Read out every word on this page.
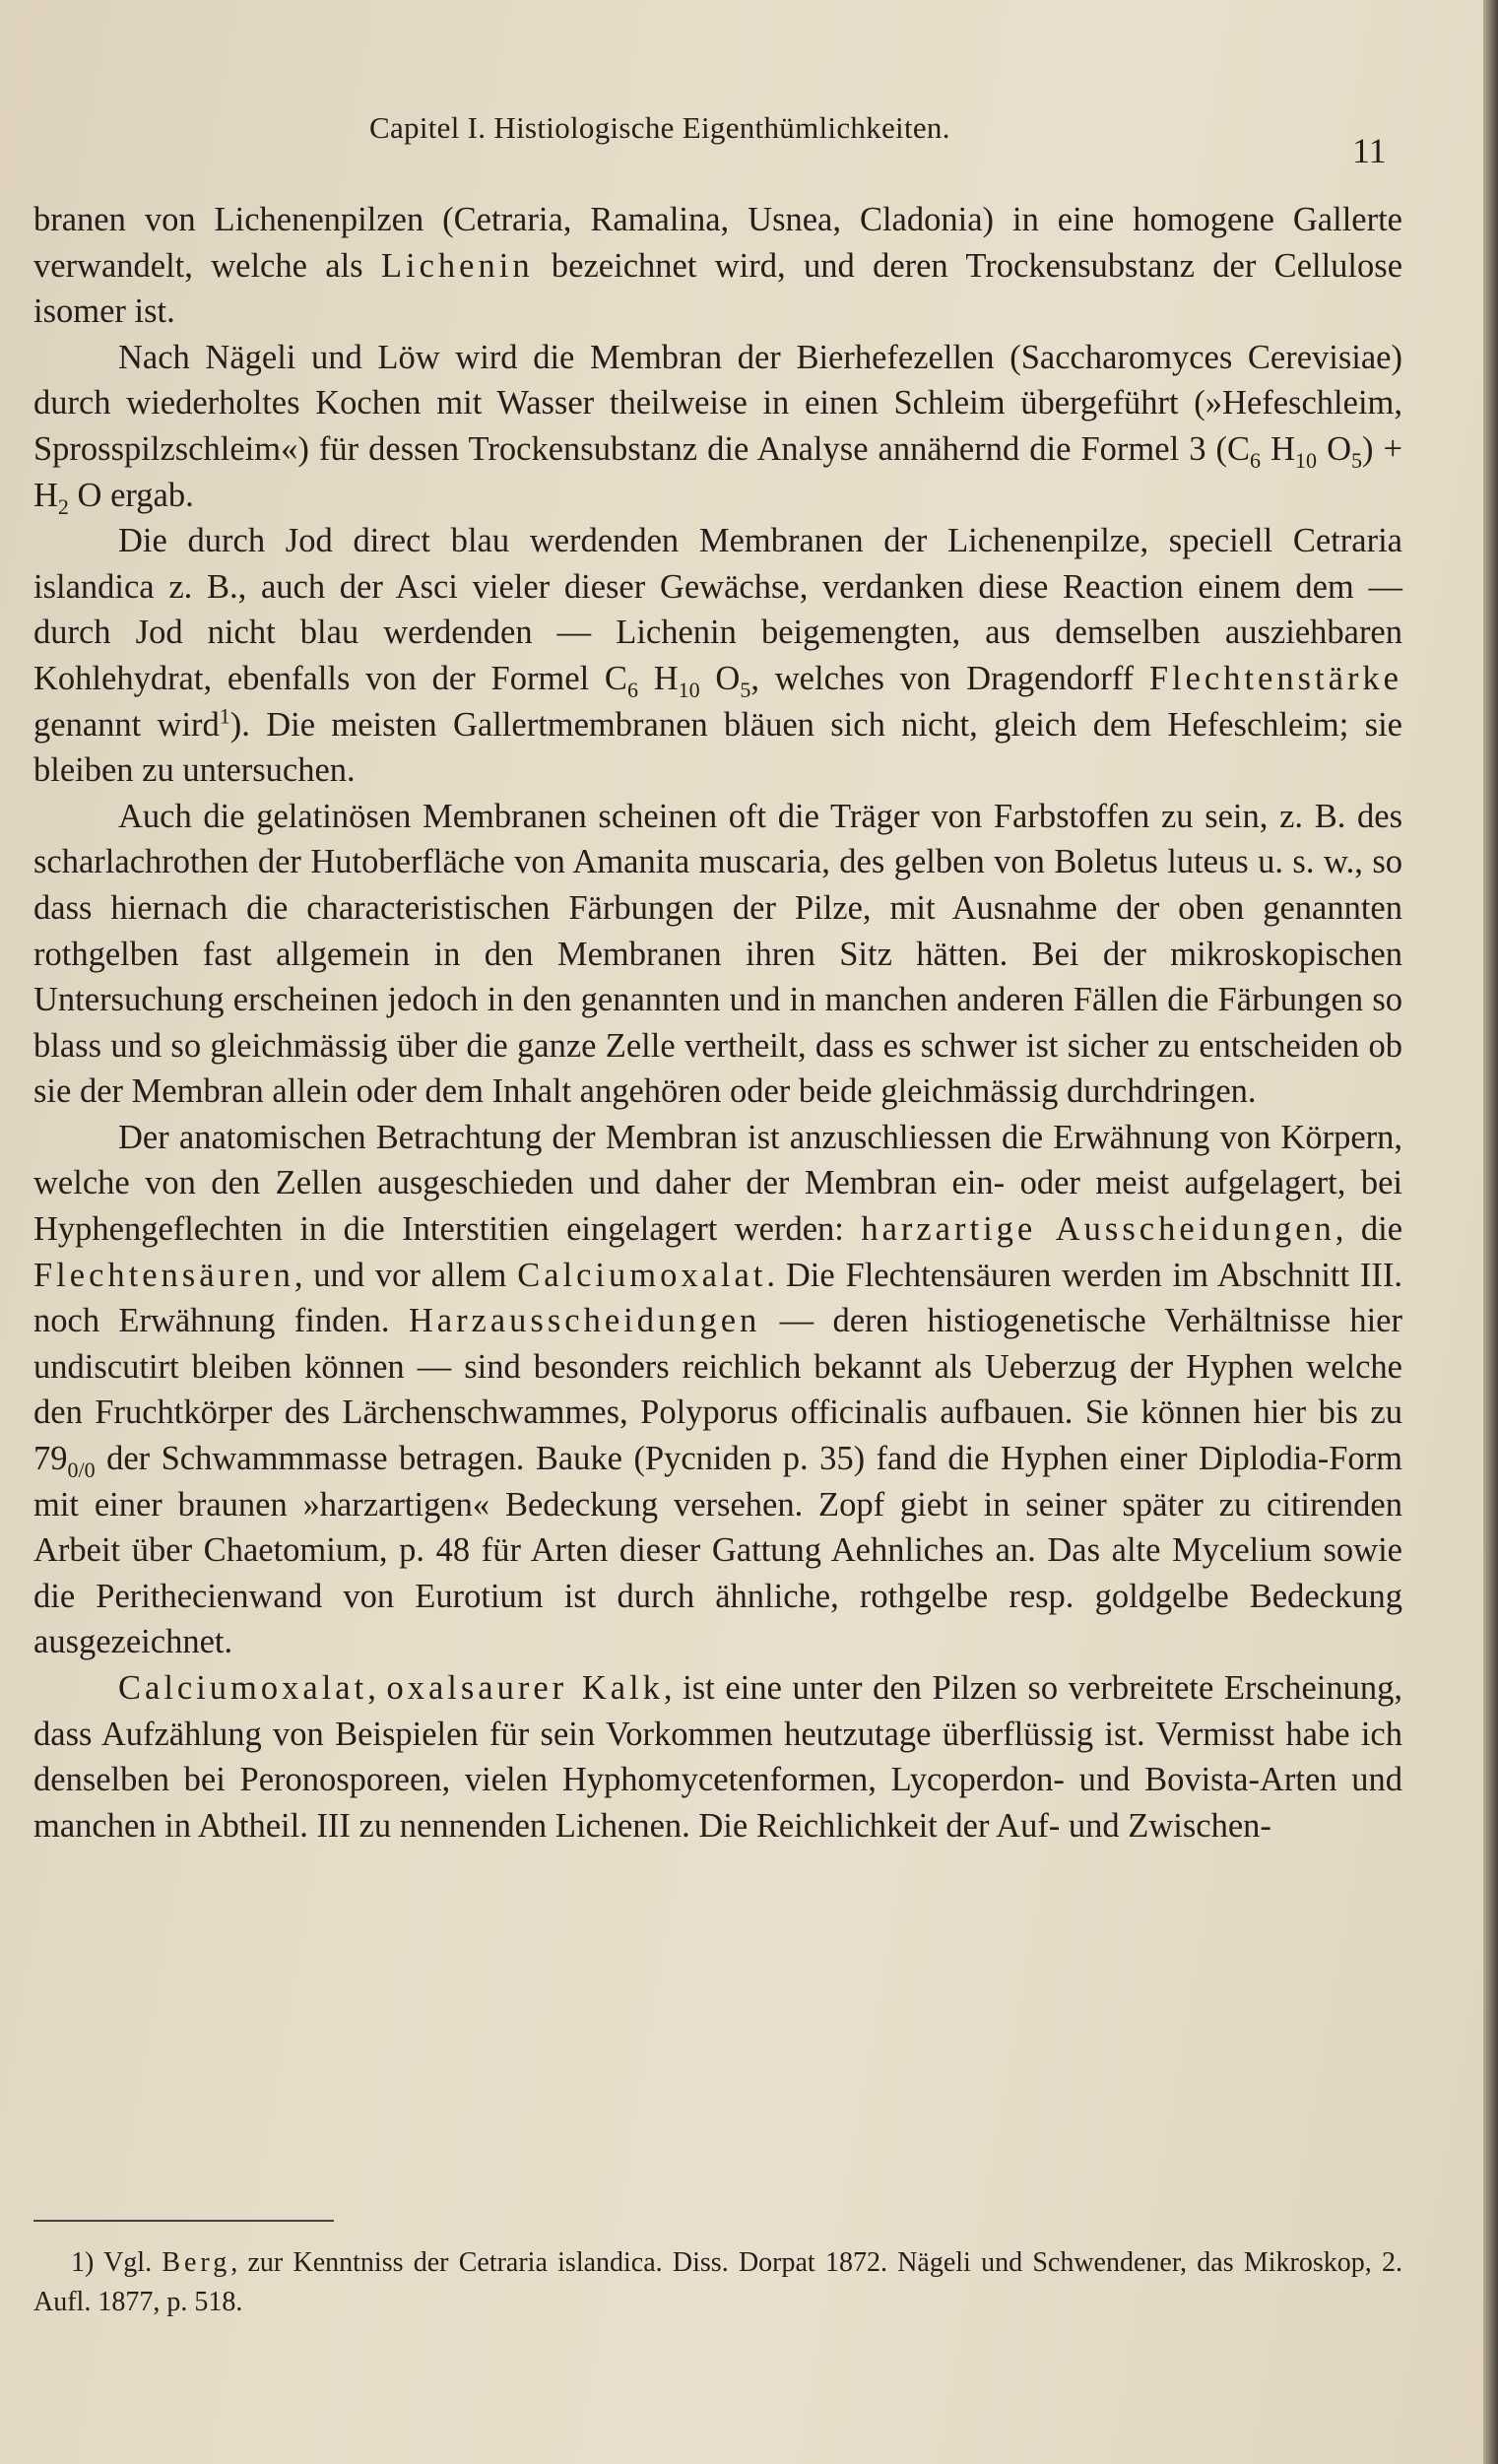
Capitel I. Histiologische Eigenthümlichkeiten.
11

branen von Lichenenpilzen (Cetraria, Ramalina, Usnea, Cladonia) in eine homogene Gallerte verwandelt, welche als Lichenin bezeichnet wird, und deren Trockensubstanz der Cellulose isomer ist.

Nach Nägeli und Löw wird die Membran der Bierhefezellen (Saccharomyces Cerevisiae) durch wiederholtes Kochen mit Wasser theilweise in einen Schleim übergeführt (»Hefeschleim, Sprosspilzschleim«) für dessen Trockensubstanz die Analyse annähernd die Formel 3 ($C_6$ $H_{10}$ $O_5) + H_2$ O ergab.

Die durch Jod direct blau werdenden Membranen der Lichenenpilze, speciell Cetraria islandica z. B., auch der Asci vieler dieser Gewächse, verdanken diese Reaction einem dem — durch Jod nicht blau werdenden — Lichenin beigemengten, aus demselben ausziehbaren Kohlehydrat, ebenfalls von der Formel $C_6$ $H_{10}$ $O_5$, welches von Dragendorff Flechtenstärke genannt wird$^1$). Die meisten Gallertmembranen bläuen sich nicht, gleich dem Hefeschleim; sie bleiben zu untersuchen.

Auch die gelatinösen Membranen scheinen oft die Träger von Farbstoffen zu sein, z. B. des scharlachrothen der Hutoberfläche von Amanita muscaria, des gelben von Boletus luteus u. s. w., so dass hiernach die characteristischen Färbungen der Pilze, mit Ausnahme der oben genannten rothgelben fast allgemein in den Membranen ihren Sitz hätten. Bei der mikroskopischen Untersuchung erscheinen jedoch in den genannten und in manchen anderen Fällen die Färbungen so blass und so gleichmässig über die ganze Zelle vertheilt, dass es schwer ist sicher zu entscheiden ob sie der Membran allein oder dem Inhalt angehören oder beide gleichmässig durchdringen.

Der anatomischen Betrachtung der Membran ist anzuschliessen die Erwähnung von Körpern, welche von den Zellen ausgeschieden und daher der Membran ein- oder meist aufgelagert, bei Hyphengeflechten in die Interstitien eingelagert werden: harzartige Ausscheidungen, die Flechtensäuren, und vor allem Calciumoxalat. Die Flechtensäuren werden im Abschnitt III. noch Erwähnung finden. Harzausscheidungen — deren histiogenetische Verhältnisse hier undiscutirt bleiben können — sind besonders reichlich bekannt als Ueberzug der Hyphen welche den Fruchtkörper des Lärchenschwammes, Polyporus officinalis aufbauen. Sie können hier bis zu $79_{0/0}$ der Schwammmasse betragen. Bauke (Pycniden p. 35) fand die Hyphen einer Diplodia-Form mit einer braunen »harzartigen« Bedeckung versehen. Zopf giebt in seiner später zu citirenden Arbeit über Chaetomium, p. 48 für Arten dieser Gattung Aehnliches an. Das alte Mycelium sowie die Perithecienwand von Eurotium ist durch ähnliche, rothgelbe resp. goldgelbe Bedeckung ausgezeichnet.

Calciumoxalat, oxalsaurer Kalk, ist eine unter den Pilzen so verbreitete Erscheinung, dass Aufzählung von Beispielen für sein Vorkommen heutzutage überflüssig ist. Vermisst habe ich denselben bei Peronosporeen, vielen Hyphomycetenformen, Lycoperdon- und Bovista-Arten und manchen in Abtheil. III zu nennenden Lichenen. Die Reichlichkeit der Auf- und Zwischen-

1) Vgl. Berg, zur Kenntniss der Cetraria islandica. Diss. Dorpat 1872. Nägeli und Schwendener, das Mikroskop, 2. Aufl. 1877, p. 518.
